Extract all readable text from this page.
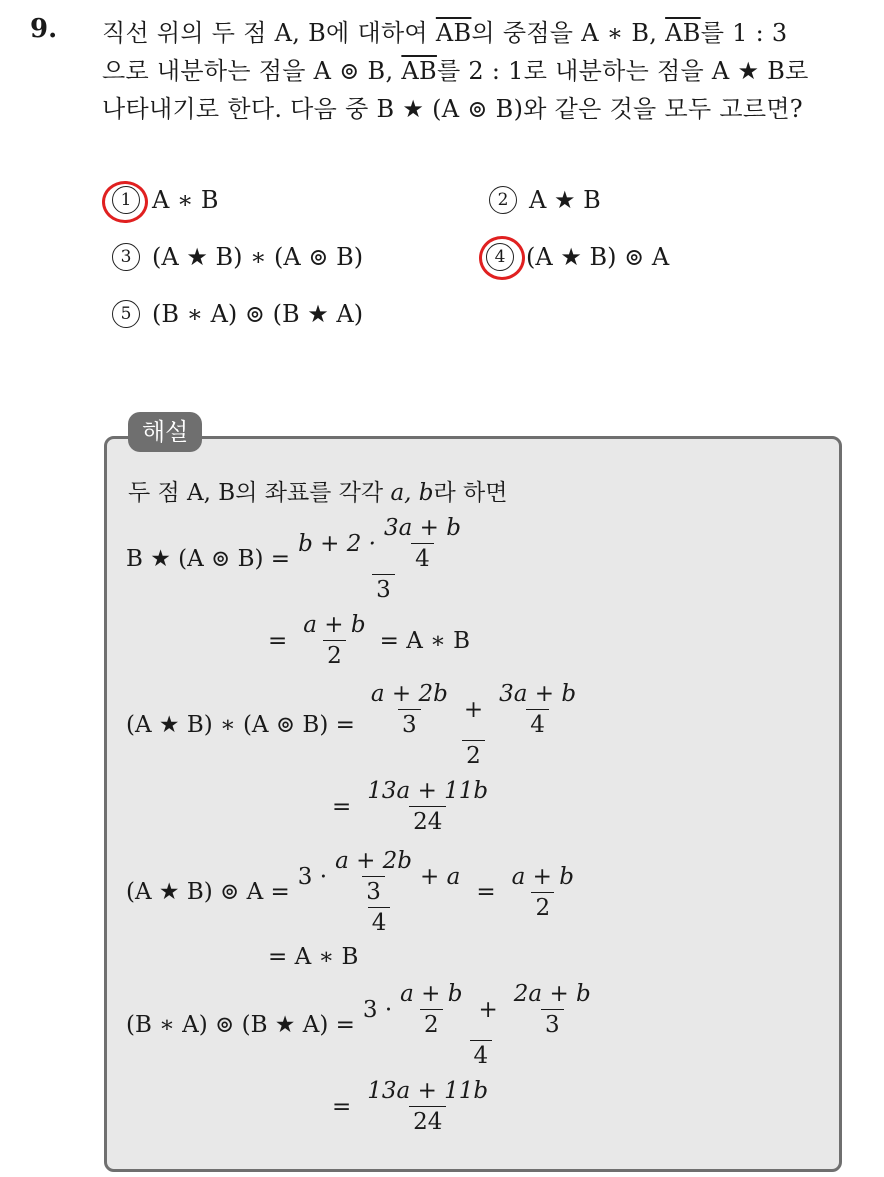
9. 직선 위의 두 점 A, B에 대하여 $\overline{AB}$의 중점을 A ∗ B, $\overline{AB}$를 1 : 3
으로 내분하는 점을 A ⊚ B, $\overline{AB}$를 2 : 1로 내분하는 점을 A ★ B로
나타내기로 한다. 다음 중 B ★ (A ⊚ B)와 같은 것을 모두 고르면?
1 A ∗ B	2 A ★ B
3 (A ★ B) ∗ (A ⊚ B)	4 (A ★ B) ⊚ A
5 (B ∗ A) ⊚ (B ★ A)
해설
두 점 A, B의 좌표를 각각 a, b라 하면
B ★ (A ⊚ $B) = \frac{b + 2 \cdot \frac{3a + b}{4}}{3}$
= $\frac{a + b}{2} = A$ ∗ B
(A ★ B) ∗ (A ⊚ $B) = \frac{a + 2b}{3} + \frac{3a + b}{4}$
2
= $\frac{13a + 11b}{24}$
(A ★ B) ⊚ $A = \frac{3 \cdot \frac{a + 2b}{3} + a}{4} = \frac{a + b}{2}$
= A ∗ B
(B ∗ A) ⊚ (B ★ A) =
$3 \cdot \frac{a + b}{2} + \frac{2a + b}{3}$
4
= $\frac{13a + 11b}{24}$
